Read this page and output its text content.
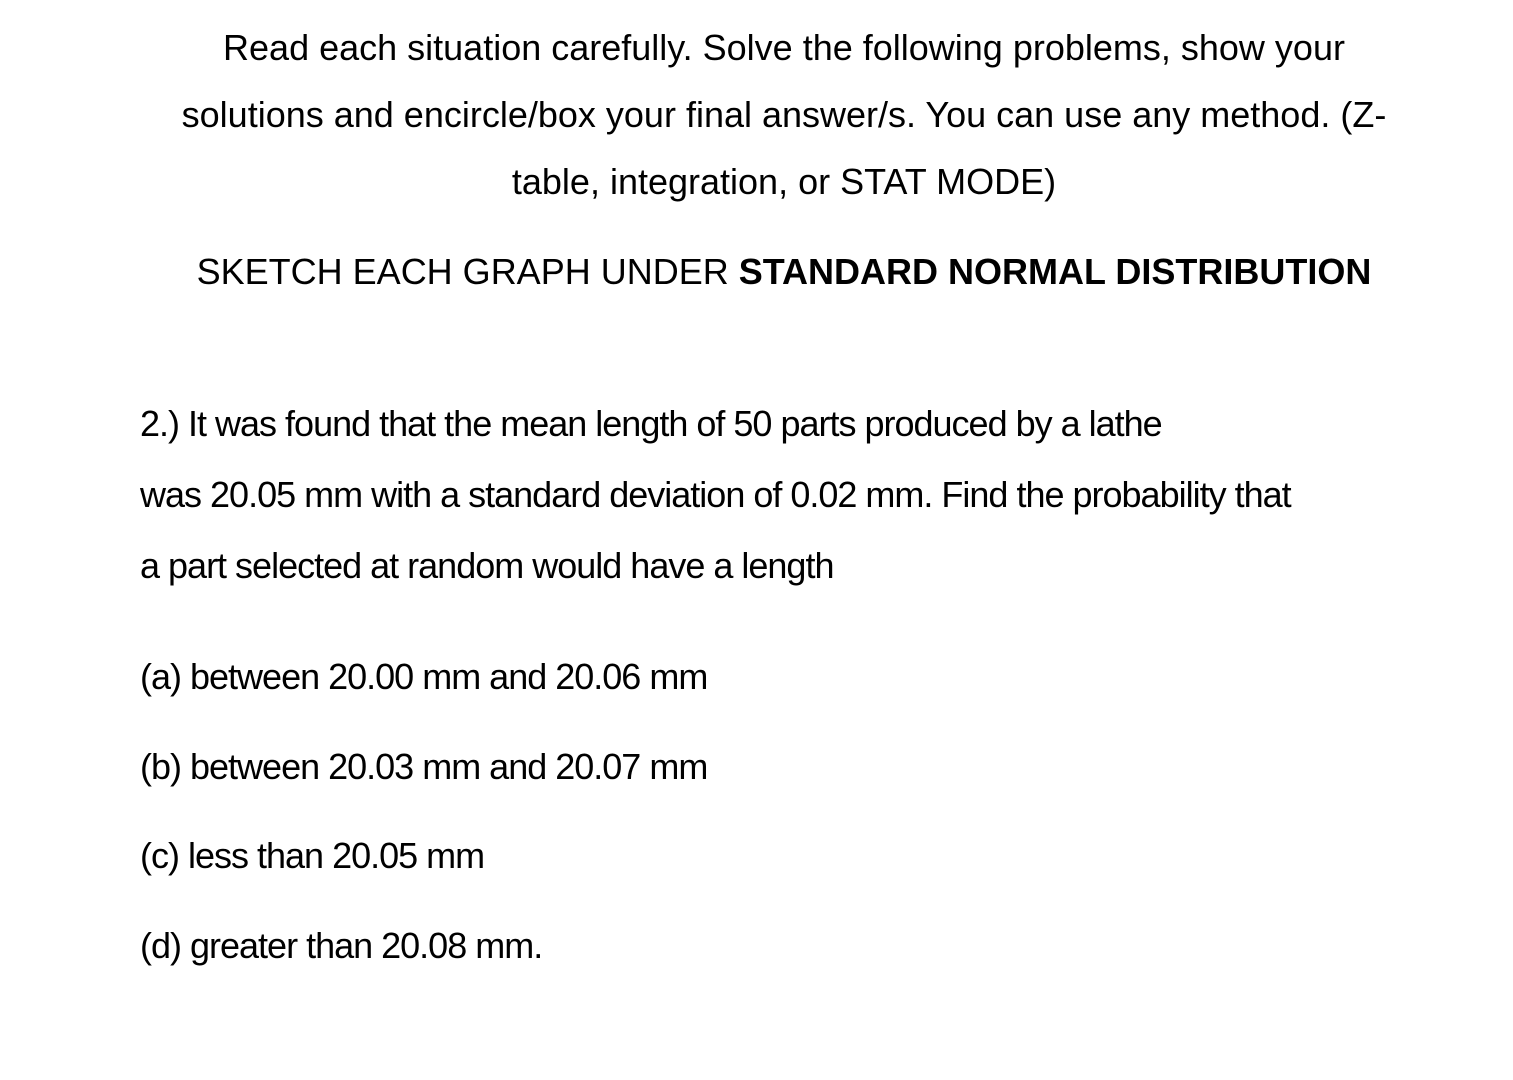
Read each situation carefully. Solve the following problems, show your
solutions and encircle/box your final answer/s. You can use any method. (Z-
table, integration, or STAT MODE)
SKETCH EACH GRAPH UNDER STANDARD NORMAL DISTRIBUTION
2.) It was found that the mean length of 50 parts produced by a lathe
was 20.05 mm with a standard deviation of 0.02 mm. Find the probability that
a part selected at random would have a length
(a) between 20.00 mm and 20.06 mm
(b) between 20.03 mm and 20.07 mm
(c) less than 20.05 mm
(d) greater than 20.08 mm.
